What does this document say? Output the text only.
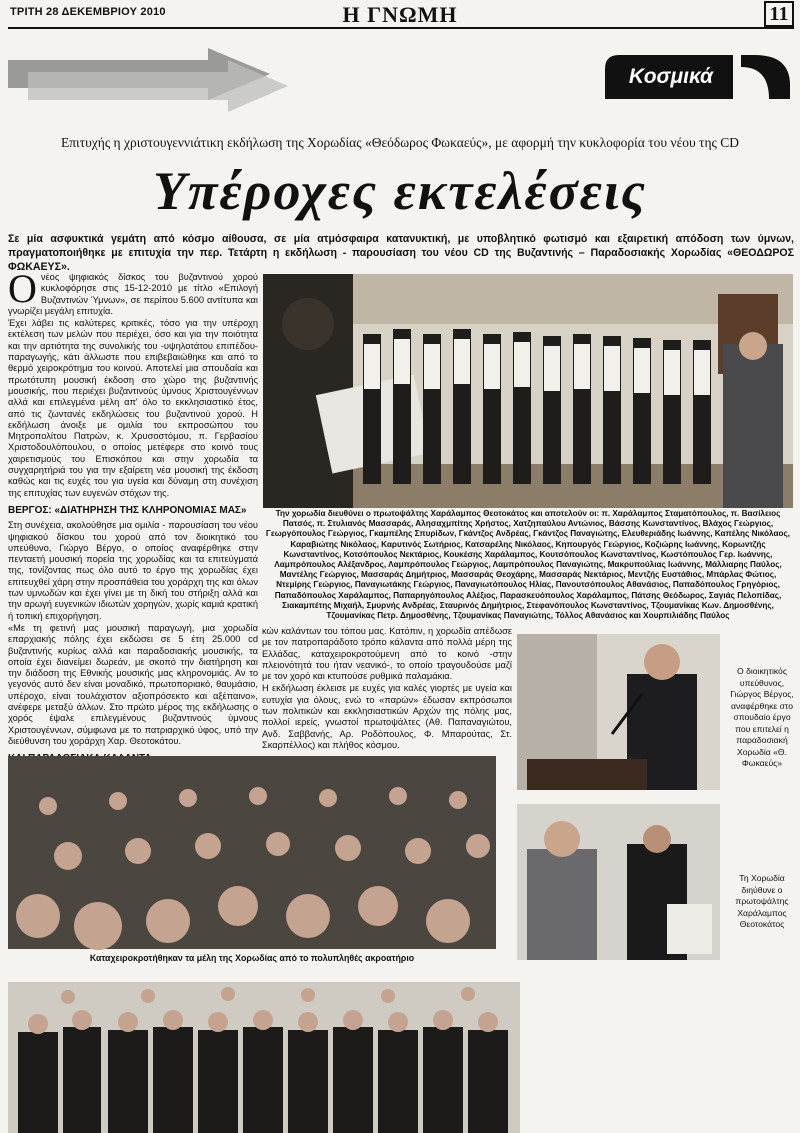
ΤΡΙΤΗ 28 ΔΕΚΕΜΒΡΙΟΥ 2010	Η ΓΝΩΜΗ	11
Κοσμικά
Επιτυχής η χριστουγεννιάτικη εκδήλωση της Χορωδίας «Θεόδωρος Φωκαεύς», με αφορμή την κυκλοφορία του νέου της CD
Υπέροχες εκτελέσεις
Σε μία ασφυκτικά γεμάτη από κόσμο αίθουσα, σε μία ατμόσφαιρα κατανυκτική, με υποβλητικό φωτισμό και εξαιρετική απόδοση των ύμνων, πραγματοποιήθηκε με επιτυχία την περ. Τετάρτη η εκδήλωση - παρουσίαση του νέου CD της Βυζαντινής – Παραδοσιακής Χορωδίας «ΘΕΟΔΩΡΟΣ ΦΩΚΑΕΥΣ».

Ονέος ψηφιακός δίσκος του βυζαντινού χορού κυκλοφόρησε στις 15-12-2010 με τίτλο «Επιλογή Βυζαντινών Ύμνων», σε περίπου 5.600 αντίτυπα και γνωρίζει μεγάλη επιτυχία.

Έχει λάβει τις καλύτερες κριτικές, τόσο για την υπέροχη εκτέλεση των μελών που περιέχει, όσο και για την ποιότητα και την αρτιότητα της συνολικής του -υψηλοτάτου επιπέδου- παραγωγής, κάτι άλλωστε που επιβεβαιώθηκε και από το θερμό χειροκρότημα του κοινού. Αποτελεί μια σπουδαία και πρωτότυπη μουσική έκδοση στο χώρο της βυζαντινής μουσικής, που περιέχει βυζαντινούς ύμνους Χριστουγέννων αλλά και επιλεγμένα μέλη απ' όλο το εκκλησιαστικό έτος, από τις ζωντανές εκδηλώσεις του βυζαντινού χορού. Η εκδήλωση άνοιξε με ομιλία του εκπροσώπου του Μητροπολίτου Πατρών, κ. Χρυσοστόμου, π. Γερβασίου Χριστοδουλόπουλου, ο οποίος μετέφερε στο κοινό τους χαιρετισμούς του Επισκόπου και στην χορωδία τα συγχαρητήριά του για την εξαίρετη νέα μουσική της έκδοση καθώς και τις ευχές του για υγεία και δύναμη στη συνέχιση της επιτυχίας των ευγενών στόχων της.

ΒΕΡΓΟΣ: «ΔΙΑΤΗΡΗΣΗ ΤΗΣ ΚΛΗΡΟΝΟΜΙΑΣ ΜΑΣ»

Στη συνέχεια, ακολούθησε μια ομιλία - παρουσίαση του νέου ψηφιακού δίσκου του χορού από τον διοικητικό του υπεύθυνο, Γιώργο Βέργο, ο οποίος αναφέρθηκε στην πενταετή μουσική πορεία της χορωδίας και τα επιτεύγματά της, τονίζοντας πως όλο αυτό το έργο της χορωδίας έχει επιτευχθεί χάρη στην προσπάθεια του χοράρχη της και όλων των υμνωδών και έχει γίνει με τη δική του στήριξη αλλά και την αρωγή ευγενικών ιδιωτών χορηγών, χωρίς καμιά κρατική ή τοπική επιχορήγηση.

«Με τη φετινή μας μουσική παραγωγή, μια χορωδία επαρχιακής πόλης έχει εκδώσει σε 5 έτη 25.000 cd βυζαντινής κυρίως αλλά και παραδοσιακής μουσικής, τα οποία έχει διανείμει δωρεάν, με σκοπό την διατήρηση και την διάδοση της Εθνικής μουσικής μας κληρονομιάς. Αν το γεγονός αυτό δεν είναι μοναδικό, πρωτοποριακό, θαυμάσιο, υπέροχο, είναι τουλάχιστον αξιοπρόσεκτο και αξέπαινο», ανέφερε μεταξύ άλλων. Στο πρώτο μέρος της εκδήλωσης ο χορός έψαλε επιλεγμένους βυζαντινούς ύμνους Χριστουγέννων, σύμφωνα με το πατριαρχικό ύφος, υπό την διεύθυνση του χοράρχη Χαρ. Θεοτοκάτου.

κών καλάντων του τόπου μας. Κατόπιν, η χορωδία απέδωσε με τον πατροπαράδοτο τρόπο κάλαντα από πολλά μέρη της Ελλάδας, καταχειροκροτούμενη από το κοινό -στην πλειονότητά του ήταν νεανικό-, το οποίο τραγουδούσε μαζί με τον χορό και κτυπούσε ρυθμικά παλαμάκια.

Η εκδήλωση έκλεισε με ευχές για καλές γιορτές με υγεία και ευτυχία για όλους, ενώ το «παρών» έδωσαν εκπρόσωποι των πολιτικών και εκκλησιαστικών Αρχών της πόλης μας, πολλοί ιερείς, γνωστοί πρωτοψάλτες (Αθ. Παπαναγιώτου, Ανδ. Σαββανής, Αρ. Ροδόπουλος, Φ. Μπαρούτας, Στ. Σκαρπέλλος) και πλήθος κόσμου.

Την χορωδία διευθύνει ο πρωτοψάλτης Χαράλαμπος Θεοτοκάτος και αποτελούν οι: π. Χαράλαμπος Σταματόπουλος, π. Βασίλειος Πατσός, π. Στυλιανός Μασσαράς, Αλησαχμπίτης Χρήστος, Χατζηπαύλου Αντώνιος, Βάσσης Κωνσταντίνος, Βλάχος Γεώργιος, Γεωργόπουλος Γεώργιος, Γκαμπέλης Σπυρίδων, Γκάντζος Ανδρέας, Γκάντζος Παναγιώτης, Ελευθεριάδης Ιωάννης, Καπέλης Νικόλαος, Καραβιώτης Νικόλαος, Καρυτινός Σωτήριος, Κατσαρέλης Νικόλαος, Κηπουργός Γεώργιος, Κοζιώρης Ιωάννης, Κορωντζής Κωνσταντίνος, Κοτσόπουλος Νεκτάριος, Κουκέσης Χαράλαμπος, Κουτσόπουλος Κωνσταντίνος, Κωστόπουλος Γερ. Ιωάννης, Λαμπρόπουλος Αλέξανδρος, Λαμπρόπουλος Γεώργιος, Λαμπρόπουλος Παναγιώτης, Μακρυπούλιας Ιωάννης, Μάλλιαρης Παύλος, Μαντέλης Γεώργιος, Μασσαράς Δημήτριος, Μασσαράς Θεοχάρης, Μασσαράς Νεκτάριος, Μεντζής Ευστάθιος, Μπάρλας Φώτιος, Ντεμίρης Γεώργιος, Παναγιωτάκης Γεώργιος, Παναγιωτόπουλος Ηλίας, Πανουτσόπουλος Αθανάσιος, Παπαδόπουλος Γρηγόριος, Παπαδόπουλος Χαράλαμπος, Παπαρηγόπουλος Αλέξιος, Παρασκευόπουλος Χαράλαμπος, Πάτσης Θεόδωρος, Σαγιάς Πελοπίδας, Σιακαμπέτης Μιχαήλ, Σμυρνής Ανδρέας, Σταυρινός Δημήτριος, Στεφανόπουλος Κωνσταντίνος, Τζουμανίκας Κων. Δημοσθένης, Τζουμανίκας Πετρ. Δημοσθένης, Τζουμανίκας Παναγιώτης, Τόλλος Αθανάσιος και Χουρπιλιάδης Παύλος
Ο διοικητικός υπεύθυνος, Γιώργος Βέργος, αναφέρθηκε στο σπουδαίο έργο που επιτελεί η παραδοσιακή Χορωδία «Θ. Φωκαεύς»
Καταχειροκροτήθηκαν τα μέλη της Χορωδίας από το πολυπληθές ακροατήριο
Τη Χορωδία διηύθυνε ο πρωτοψάλτης Χαράλαμπος Θεοτοκάτος
